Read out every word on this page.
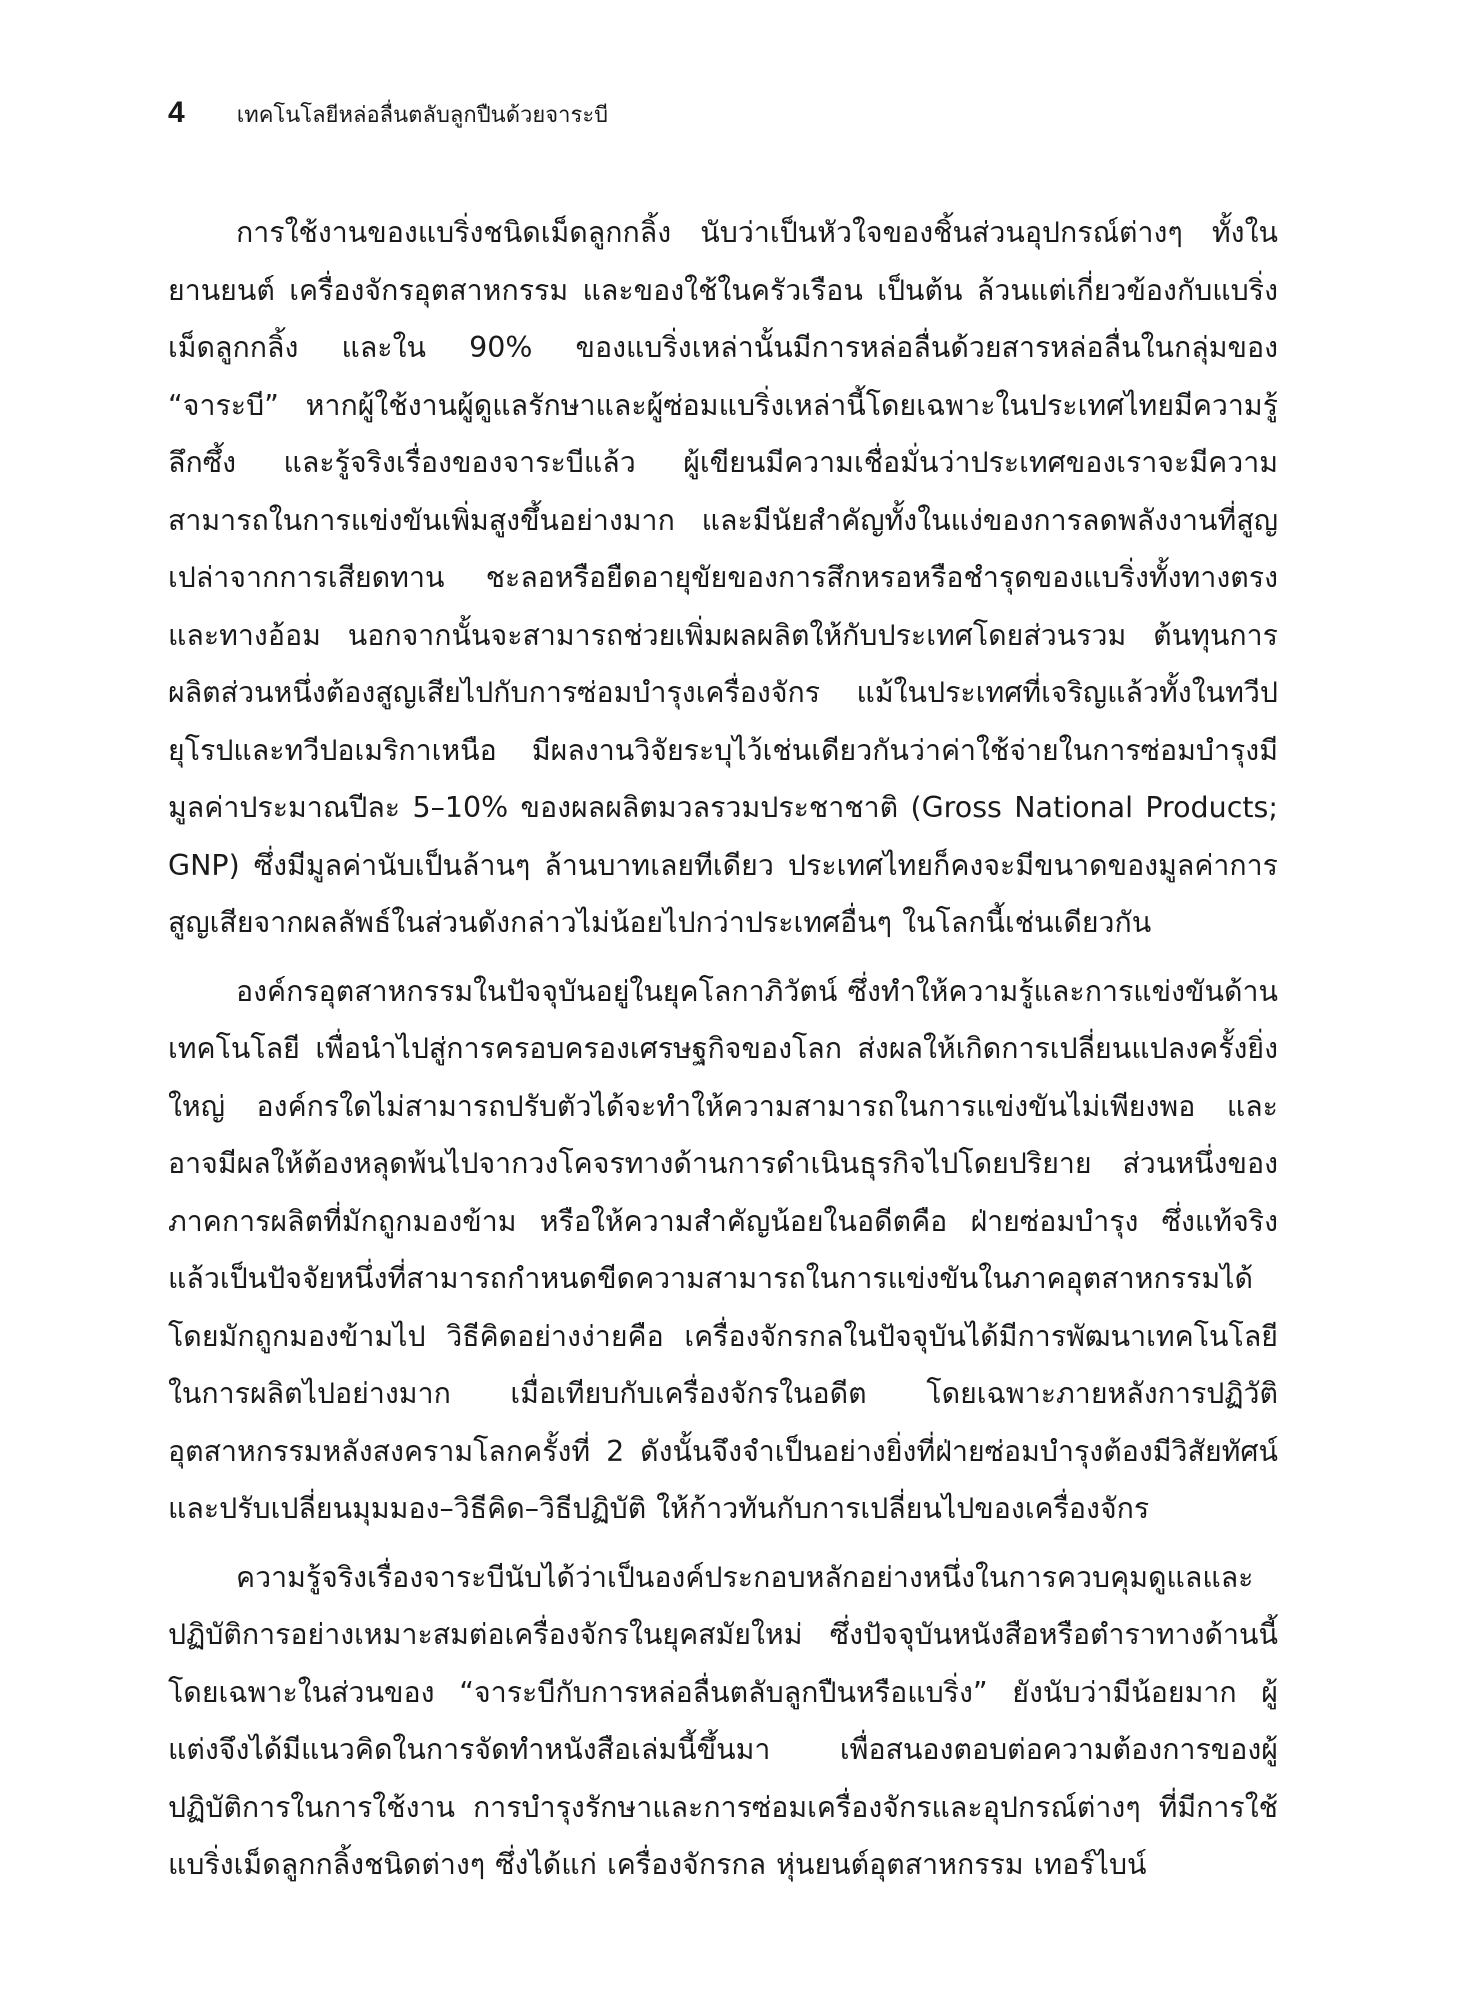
4 เทคโนโลยีหล่อลื่นตลับลูกปืนด้วยจาระบี

การใช้งานของแบริ่งชนิดเม็ดลูกกลิ้ง นับว่าเป็นหัวใจของชิ้นส่วนอุปกรณ์ต่างๆ ทั้งในยานยนต์ เครื่องจักรอุตสาหกรรม และของใช้ในครัวเรือน เป็นต้น ล้วนแต่เกี่ยวข้องกับแบริ่งเม็ดลูกกลิ้ง และใน 90% ของแบริ่งเหล่านั้นมีการหล่อลื่นด้วยสารหล่อลื่นในกลุ่มของ “จาระบี” หากผู้ใช้งานผู้ดูแลรักษาและผู้ซ่อมแบริ่งเหล่านี้โดยเฉพาะในประเทศไทยมีความรู้ลึกซึ้ง และรู้จริงเรื่องของจาระบีแล้ว ผู้เขียนมีความเชื่อมั่นว่าประเทศของเราจะมีความสามารถในการแข่งขันเพิ่มสูงขึ้นอย่างมาก และมีนัยสำคัญทั้งในแง่ของการลดพลังงานที่สูญเปล่าจากการเสียดทาน ชะลอหรือยืดอายุขัยของการสึกหรอหรือชำรุดของแบริ่งทั้งทางตรงและทางอ้อม นอกจากนั้นจะสามารถช่วยเพิ่มผลผลิตให้กับประเทศโดยส่วนรวม ต้นทุนการผลิตส่วนหนึ่งต้องสูญเสียไปกับการซ่อมบำรุงเครื่องจักร แม้ในประเทศที่เจริญแล้วทั้งในทวีปยุโรปและทวีปอเมริกาเหนือ มีผลงานวิจัยระบุไว้เช่นเดียวกันว่าค่าใช้จ่ายในการซ่อมบำรุงมีมูลค่าประมาณปีละ 5–10% ของผลผลิตมวลรวมประชาชาติ (Gross National Products; GNP) ซึ่งมีมูลค่านับเป็นล้านๆ ล้านบาทเลยทีเดียว ประเทศไทยก็คงจะมีขนาดของมูลค่าการสูญเสียจากผลลัพธ์ในส่วนดังกล่าวไม่น้อยไปกว่าประเทศอื่นๆ ในโลกนี้เช่นเดียวกัน

องค์กรอุตสาหกรรมในปัจจุบันอยู่ในยุคโลกาภิวัตน์ ซึ่งทำให้ความรู้และการแข่งขันด้านเทคโนโลยี เพื่อนำไปสู่การครอบครองเศรษฐกิจของโลก ส่งผลให้เกิดการเปลี่ยนแปลงครั้งยิ่งใหญ่ องค์กรใดไม่สามารถปรับตัวได้จะทำให้ความสามารถในการแข่งขันไม่เพียงพอ และอาจมีผลให้ต้องหลุดพ้นไปจากวงโคจรทางด้านการดำเนินธุรกิจไปโดยปริยาย ส่วนหนึ่งของภาคการผลิตที่มักถูกมองข้าม หรือให้ความสำคัญน้อยในอดีตคือ ฝ่ายซ่อมบำรุง ซึ่งแท้จริงแล้วเป็นปัจจัยหนึ่งที่สามารถกำหนดขีดความสามารถในการแข่งขันในภาคอุตสาหกรรมได้ โดยมักถูกมองข้ามไป วิธีคิดอย่างง่ายคือ เครื่องจักรกลในปัจจุบันได้มีการพัฒนาเทคโนโลยีในการผลิตไปอย่างมาก เมื่อเทียบกับเครื่องจักรในอดีต โดยเฉพาะภายหลังการปฏิวัติอุตสาหกรรมหลังสงครามโลกครั้งที่ 2 ดังนั้นจึงจำเป็นอย่างยิ่งที่ฝ่ายซ่อมบำรุงต้องมีวิสัยทัศน์และปรับเปลี่ยนมุมมอง–วิธีคิด–วิธีปฏิบัติ ให้ก้าวทันกับการเปลี่ยนไปของเครื่องจักร

ความรู้จริงเรื่องจาระบีนับได้ว่าเป็นองค์ประกอบหลักอย่างหนึ่งในการควบคุมดูแลและปฏิบัติการอย่างเหมาะสมต่อเครื่องจักรในยุคสมัยใหม่ ซึ่งปัจจุบันหนังสือหรือตำราทางด้านนี้ โดยเฉพาะในส่วนของ “จาระบีกับการหล่อลื่นตลับลูกปืนหรือแบริ่ง” ยังนับว่ามีน้อยมาก ผู้แต่งจึงได้มีแนวคิดในการจัดทำหนังสือเล่มนี้ขึ้นมา เพื่อสนองตอบต่อความต้องการของผู้ปฏิบัติการในการใช้งาน การบำรุงรักษาและการซ่อมเครื่องจักรและอุปกรณ์ต่างๆ ที่มีการใช้แบริ่งเม็ดลูกกลิ้งชนิดต่างๆ ซึ่งได้แก่ เครื่องจักรกล หุ่นยนต์อุตสาหกรรม เทอร์ไบน์
